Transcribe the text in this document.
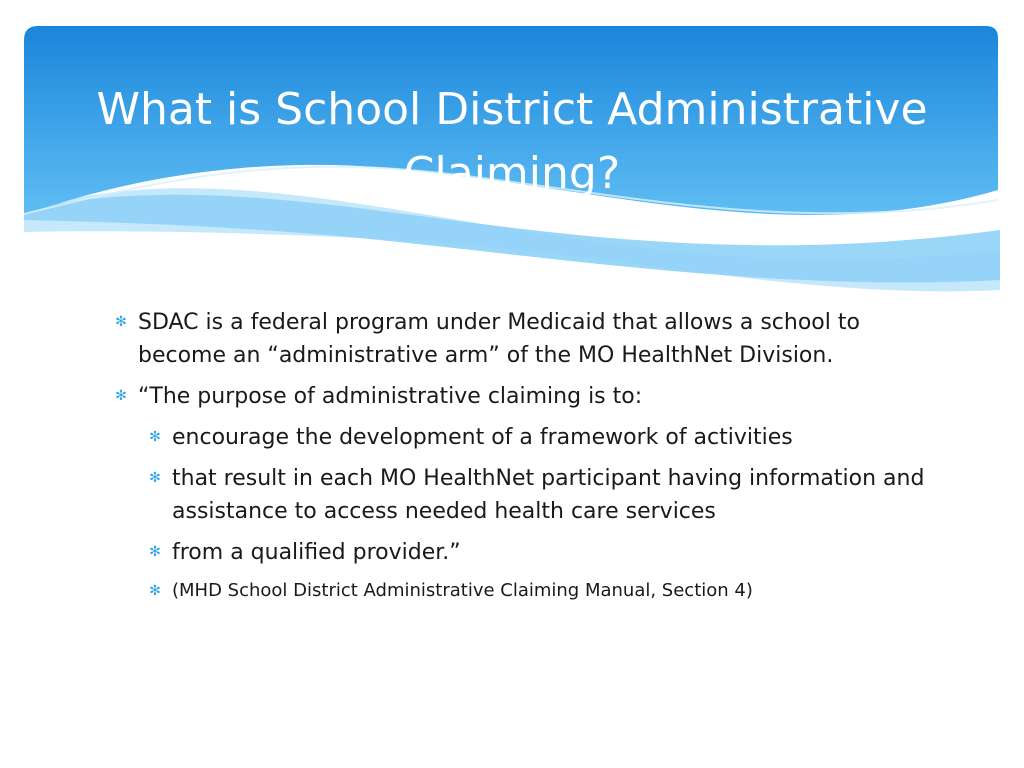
What is School District Administrative Claiming?
✻ SDAC is a federal program under Medicaid that allows a school to become an “administrative arm” of the MO HealthNet Division.
✻ “The purpose of administrative claiming is to:
✻ encourage the development of a framework of activities
✻ that result in each MO HealthNet participant having information and assistance to access needed health care services
✻ from a qualified provider.”
✻ (MHD School District Administrative Claiming Manual, Section 4)
